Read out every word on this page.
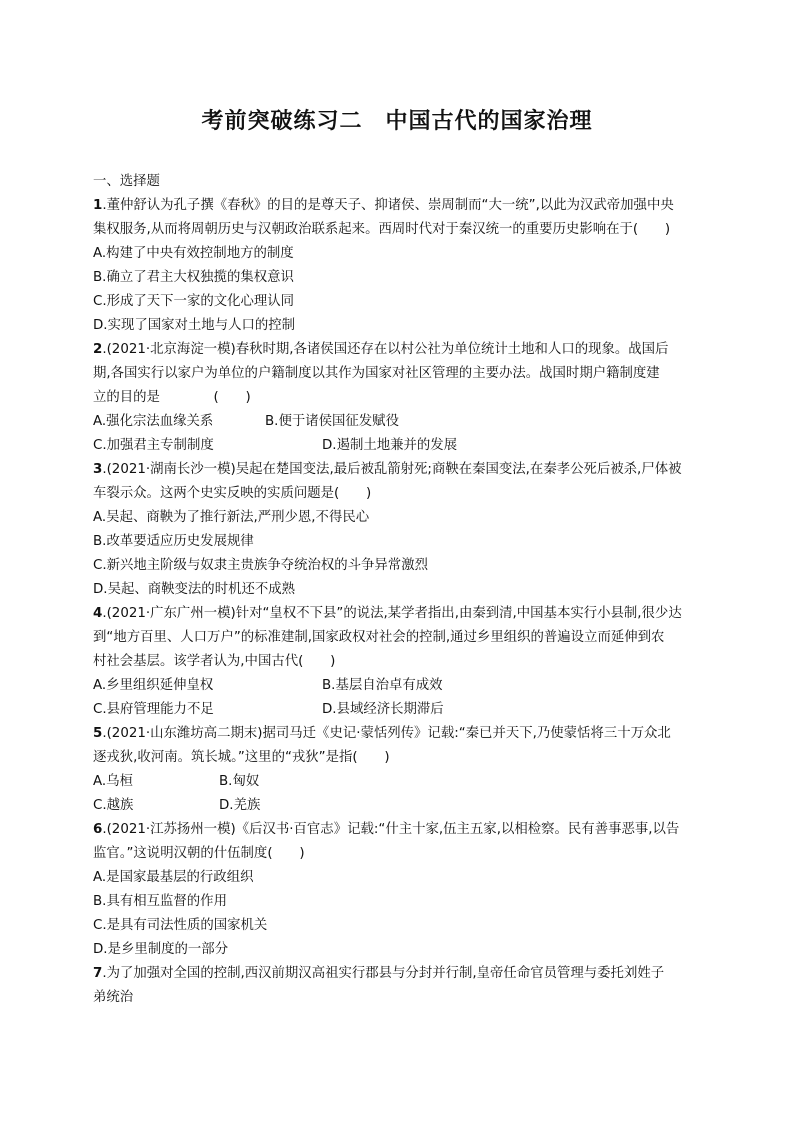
考前突破练习二　中国古代的国家治理
一、选择题
1.董仲舒认为孔子撰《春秋》的目的是尊天子、抑诸侯、崇周制而“大一统”,以此为汉武帝加强中央
集权服务,从而将周朝历史与汉朝政治联系起来。西周时代对于秦汉统一的重要历史影响在于(　　)
A.构建了中央有效控制地方的制度
B.确立了君主大权独揽的集权意识
C.形成了天下一家的文化心理认同
D.实现了国家对土地与人口的控制
2.(2021·北京海淀一模)春秋时期,各诸侯国还存在以村公社为单位统计土地和人口的现象。战国后
期,各国实行以家户为单位的户籍制度以其作为国家对社区管理的主要办法。战国时期户籍制度建
立的目的是　　　　(　　)
A.强化宗法血缘关系	B.便于诸侯国征发赋役
C.加强君主专制制度	D.遏制土地兼并的发展
3.(2021·湖南长沙一模)吴起在楚国变法,最后被乱箭射死;商鞅在秦国变法,在秦孝公死后被杀,尸体被
车裂示众。这两个史实反映的实质问题是(　　)
A.吴起、商鞅为了推行新法,严刑少恩,不得民心
B.改革要适应历史发展规律
C.新兴地主阶级与奴隶主贵族争夺统治权的斗争异常激烈
D.吴起、商鞅变法的时机还不成熟
4.(2021·广东广州一模)针对“皇权不下县”的说法,某学者指出,由秦到清,中国基本实行小县制,很少达
到“地方百里、人口万户”的标准建制,国家政权对社会的控制,通过乡里组织的普遍设立而延伸到农
村社会基层。该学者认为,中国古代(　　)
A.乡里组织延伸皇权	B.基层自治卓有成效
C.县府管理能力不足	D.县域经济长期滞后
5.(2021·山东潍坊高二期末)据司马迁《史记·蒙恬列传》记载:“秦已并天下,乃使蒙恬将三十万众北
逐戎狄,收河南。筑长城。”这里的“戎狄”是指(　　)
A.乌桓	B.匈奴
C.越族	D.羌族
6.(2021·江苏扬州一模)《后汉书·百官志》记载:“什主十家,伍主五家,以相检察。民有善事恶事,以告
监官。”这说明汉朝的什伍制度(　　)
A.是国家最基层的行政组织
B.具有相互监督的作用
C.是具有司法性质的国家机关
D.是乡里制度的一部分
7.为了加强对全国的控制,西汉前期汉高祖实行郡县与分封并行制,皇帝任命官员管理与委托刘姓子
弟统治
